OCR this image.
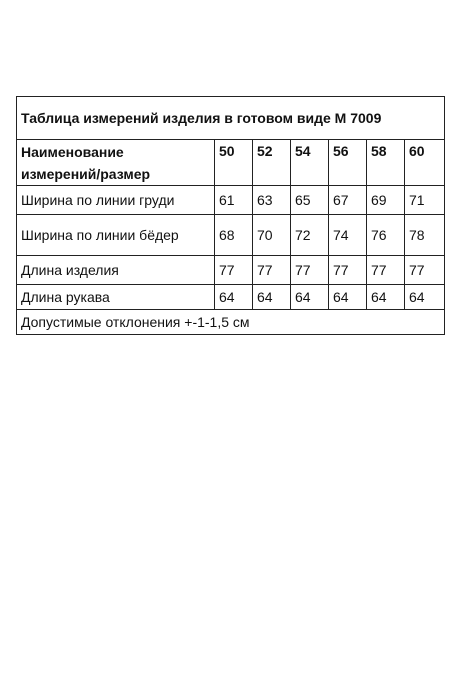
Таблица измерений изделия в готовом виде М 7009						

Наименование
измерений/размер	50	52	54	56	58	60
Ширина по линии груди	61	63	65	67	69	71
Ширина по линии бёдер	68	70	72	74	76	78
Длина изделия	77	77	77	77	77	77
Длина рукава	64	64	64	64	64	64
Допустимые отклонения +-1-1,5 см						
